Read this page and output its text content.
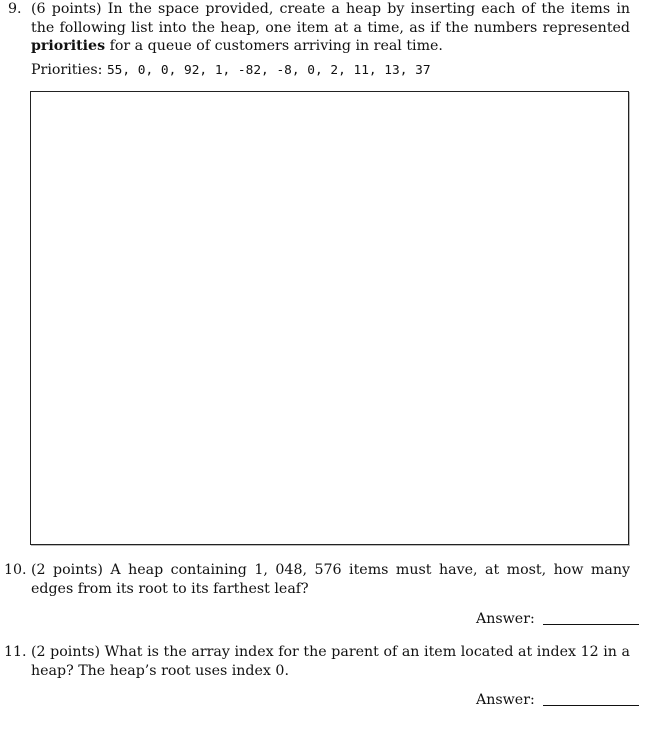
9. (6 points) In the space provided, create a heap by inserting each of the items in the following list into the heap, one item at a time, as if the numbers represented priorities for a queue of customers arriving in real time.
Priorities: 55, 0, 0, 92, 1, -82, -8, 0, 2, 11, 13, 37
10. (2 points) A heap containing 1, 048, 576 items must have, at most, how many edges from its root to its farthest leaf?
Answer:
11. (2 points) What is the array index for the parent of an item located at index 12 in a heap? The heap’s root uses index 0.
Answer:
